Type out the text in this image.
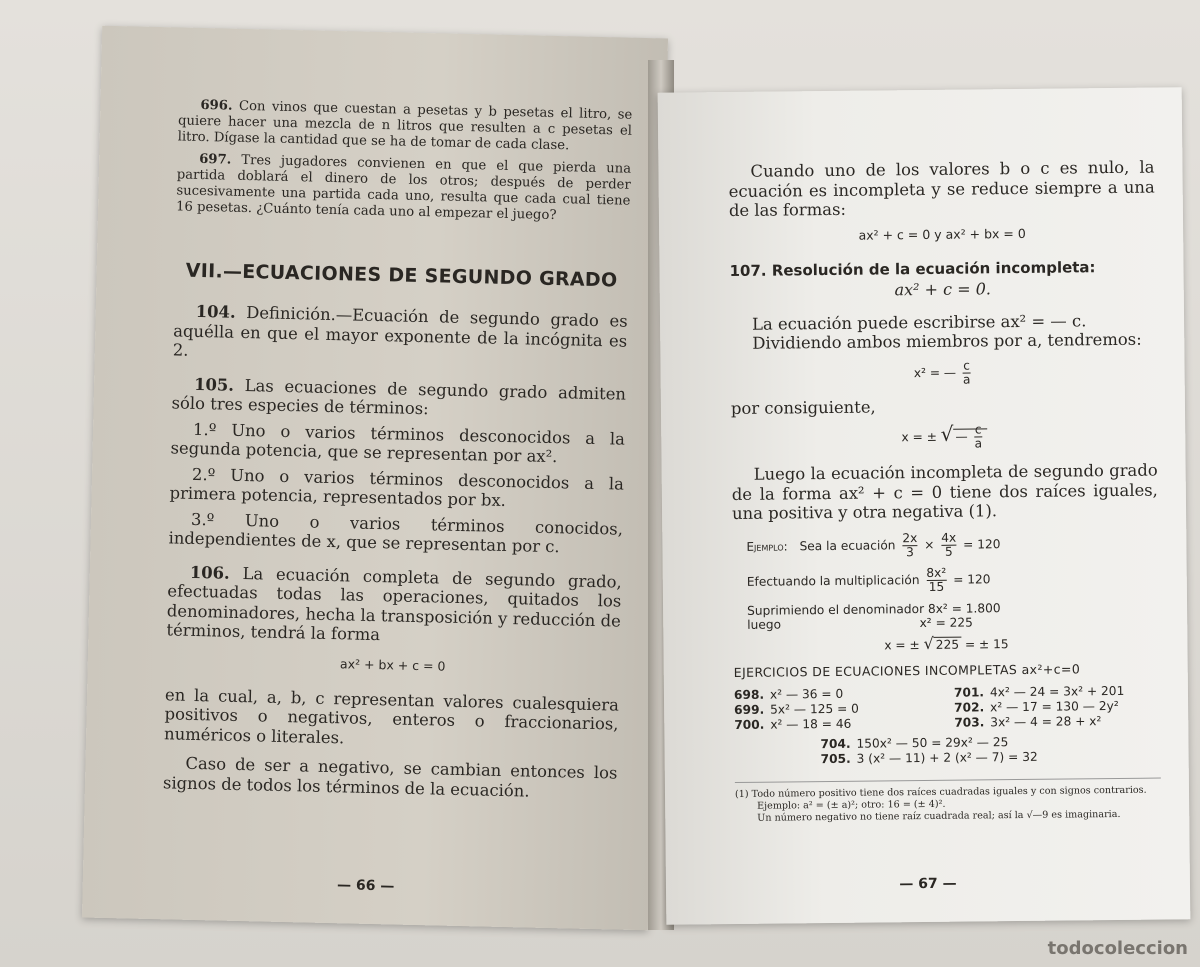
696. Con vinos que cuestan a pesetas y b pesetas el litro, se quiere hacer una mezcla de n litros que resulten a c pesetas el litro. Dígase la cantidad que se ha de tomar de cada clase.

697. Tres jugadores convienen en que el que pierda una partida doblará el dinero de los otros; después de perder sucesivamente una partida cada uno, resulta que cada cual tiene 16 pesetas. ¿Cuánto tenía cada uno al empezar el juego?

VII.—ECUACIONES DE SEGUNDO GRADO

104. Definición.—Ecuación de segundo grado es aquélla en que el mayor exponente de la incógnita es 2.

105. Las ecuaciones de segundo grado admiten sólo tres especies de términos:

1.º Uno o varios términos desconocidos a la segunda potencia, que se representan por ax².

2.º Uno o varios términos desconocidos a la primera potencia, representados por bx.

3.º Uno o varios términos conocidos, independientes de x, que se representan por c.

106. La ecuación completa de segundo grado, efectuadas todas las operaciones, quitados los denominadores, hecha la transposición y reducción de términos, tendrá la forma

ax² + bx + c = 0

en la cual, a, b, c representan valores cualesquiera positivos o negativos, enteros o fraccionarios, numéricos o literales.

Caso de ser a negativo, se cambian entonces los signos de todos los términos de la ecuación.

— 66 —

Cuando uno de los valores b o c es nulo, la ecuación es incompleta y se reduce siempre a una de las formas:

ax² + c = 0 y ax² + bx = 0
107. Resolución de la ecuación incompleta:
ax² + c = 0.

La ecuación puede escribirse ax² = — c.

Dividiendo ambos miembros por a, tendremos:

x² = — $\frac{c}{a}$

por consiguiente,

x = ± √ — $\frac{c}{a}$

Luego la ecuación incompleta de segundo grado de la forma ax² + c = 0 tiene dos raíces iguales, una positiva y otra negativa (1).

Ejemplo: Sea la ecuación $\frac{2x}{3} \times \frac{4x}{5} = 120$
Efectuando la multiplicación $\frac{\text{8x²}}{15} = 120$
Suprimiendo el denominador 8x² = 1.800
luego	x² = 225
x = ± √ 225 = ± 15
EJERCICIOS DE ECUACIONES INCOMPLETAS ax²+c=0
698. x² — 36 = 0	701. 4x² — 24 = 3x² + 201
699. 5x² — 125 = 0	702. x² — 17 = 130 — 2y²
700. x² — 18 = 46	703. 3x² — 4 = 28 + x²
704. 150x² — 50 = 29x² — 25
705. 3 (x² — 11) + 2 (x² — 7) = 32

(1) Todo número positivo tiene dos raíces cuadradas iguales y con signos contrarios.

Ejemplo: a² = (± a)²; otro: 16 = (± 4)².

Un número negativo no tiene raíz cuadrada real; así la √—9 es imaginaria.

— 67 —
todocoleccion
